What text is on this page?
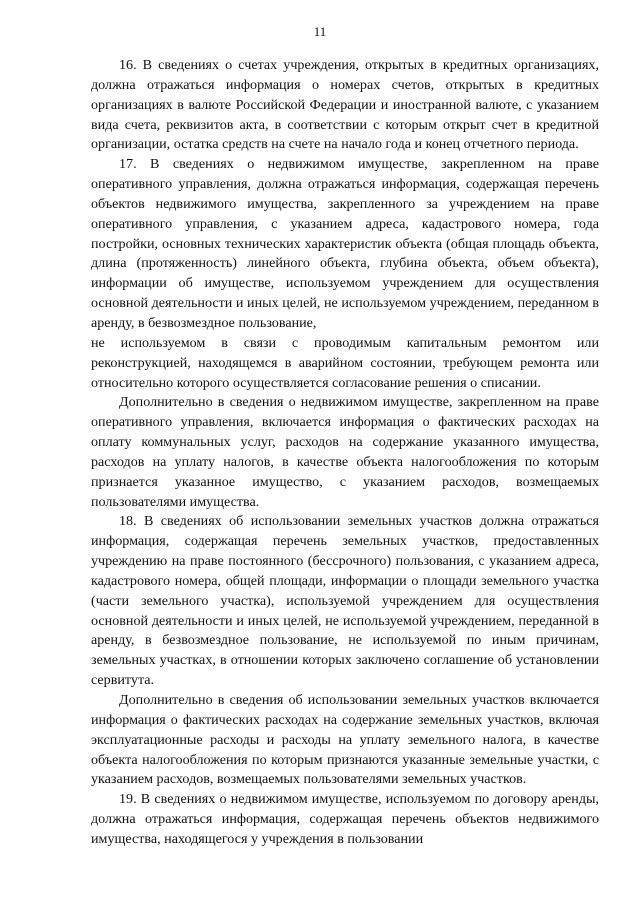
11

16. В сведениях о счетах учреждения, открытых в кредитных организациях, должна отражаться информация о номерах счетов, открытых в кредитных организациях в валюте Российской Федерации и иностранной валюте, с указанием вида счета, реквизитов акта, в соответствии с которым открыт счет в кредитной организации, остатка средств на счете на начало года и конец отчетного периода.

17. В сведениях о недвижимом имуществе, закрепленном на праве оперативного управления, должна отражаться информация, содержащая перечень объектов недвижимого имущества, закрепленного за учреждением на праве оперативного управления, с указанием адреса, кадастрового номера, года постройки, основных технических характеристик объекта (общая площадь объекта, длина (протяженность) линейного объекта, глубина объекта, объем объекта), информации об имуществе, используемом учреждением для осуществления основной деятельности и иных целей, не используемом учреждением, переданном в аренду, в безвозмездное пользование,

не используемом в связи с проводимым капитальным ремонтом или реконструкцией, находящемся в аварийном состоянии, требующем ремонта или относительно которого осуществляется согласование решения о списании.

Дополнительно в сведения о недвижимом имуществе, закрепленном на праве оперативного управления, включается информация о фактических расходах на оплату коммунальных услуг, расходов на содержание указанного имущества, расходов на уплату налогов, в качестве объекта налогообложения по которым признается указанное имущество, с указанием расходов, возмещаемых пользователями имущества.

18. В сведениях об использовании земельных участков должна отражаться информация, содержащая перечень земельных участков, предоставленных учреждению на праве постоянного (бессрочного) пользования, с указанием адреса, кадастрового номера, общей площади, информации о площади земельного участка (части земельного участка), используемой учреждением для осуществления основной деятельности и иных целей, не используемой учреждением, переданной в аренду, в безвозмездное пользование, не используемой по иным причинам, земельных участках, в отношении которых заключено соглашение об установлении сервитута.

Дополнительно в сведения об использовании земельных участков включается информация о фактических расходах на содержание земельных участков, включая эксплуатационные расходы и расходы на уплату земельного налога, в качестве объекта налогообложения по которым признаются указанные земельные участки, с указанием расходов, возмещаемых пользователями земельных участков.

19. В сведениях о недвижимом имуществе, используемом по договору аренды, должна отражаться информация, содержащая перечень объектов недвижимого имущества, находящегося у учреждения в пользовании
